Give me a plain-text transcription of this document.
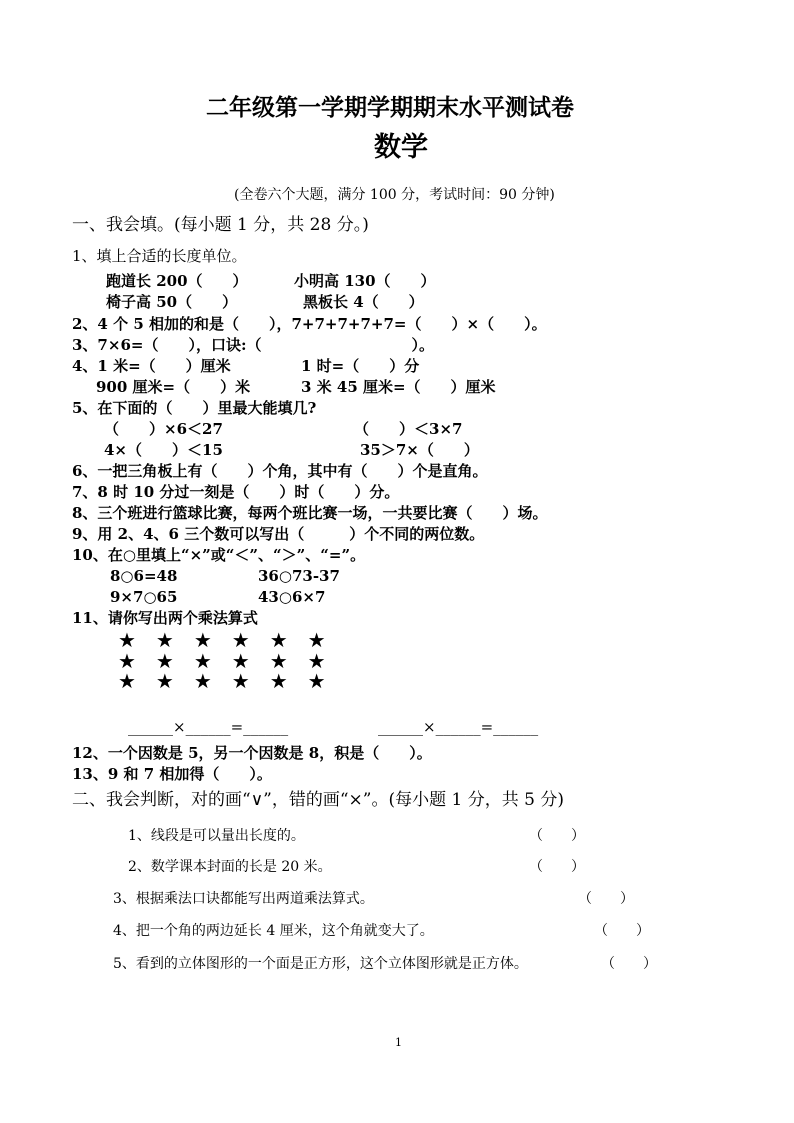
二年级第一学期学期期末水平测试卷
数学
(全卷六个大题，满分 100 分，考试时间：90 分钟)
一、我会填。(每小题 1 分，共 28 分。)
1、填上合适的长度单位。
跑道长 200（　　）	小明高 130（　　）
椅子高 50（　　）	黑板长 4（　　）
2、4 个 5 相加的和是（　　），7+7+7+7+7=（　　）×（　　）。
3、7×6=（　　），口诀:（　　　　　　　　　　）。
4、1 米=（　　）厘米	1 时=（　　）分
900 厘米=（　　）米	3 米 45 厘米=（　　）厘米
5、在下面的（　　）里最大能填几?
（　　）×6＜27	（　　）＜3×7
4×（　　）＜15	35＞7×（　　）
6、一把三角板上有（　　）个角，其中有（　　）个是直角。
7、8 时 10 分过一刻是（　　）时（　　）分。
8、三个班进行篮球比赛，每两个班比赛一场，一共要比赛（　　）场。
9、用 2、4、6 三个数可以写出（　　　）个不同的两位数。
10、在○里填上“×”或“＜”、“＞”、“=”。
8○6=48	36○73-37
9×7○65	43○6×7
11、请你写出两个乘法算式
★　★　★　★　★　★
★　★　★　★　★　★
★　★　★　★　★　★
______×______=______	______×______=______
12、一个因数是 5，另一个因数是 8，积是（　　）。
13、9 和 7 相加得（　　）。
二、我会判断，对的画“∨”，错的画“×”。(每小题 1 分，共 5 分)
1、线段是可以量出长度的。	（　　）
2、数学课本封面的长是 20 米。	（　　）
3、根据乘法口诀都能写出两道乘法算式。	（　　）
4、把一个角的两边延长 4 厘米，这个角就变大了。	（　　）
5、看到的立体图形的一个面是正方形，这个立体图形就是正方体。	（　　）
1
